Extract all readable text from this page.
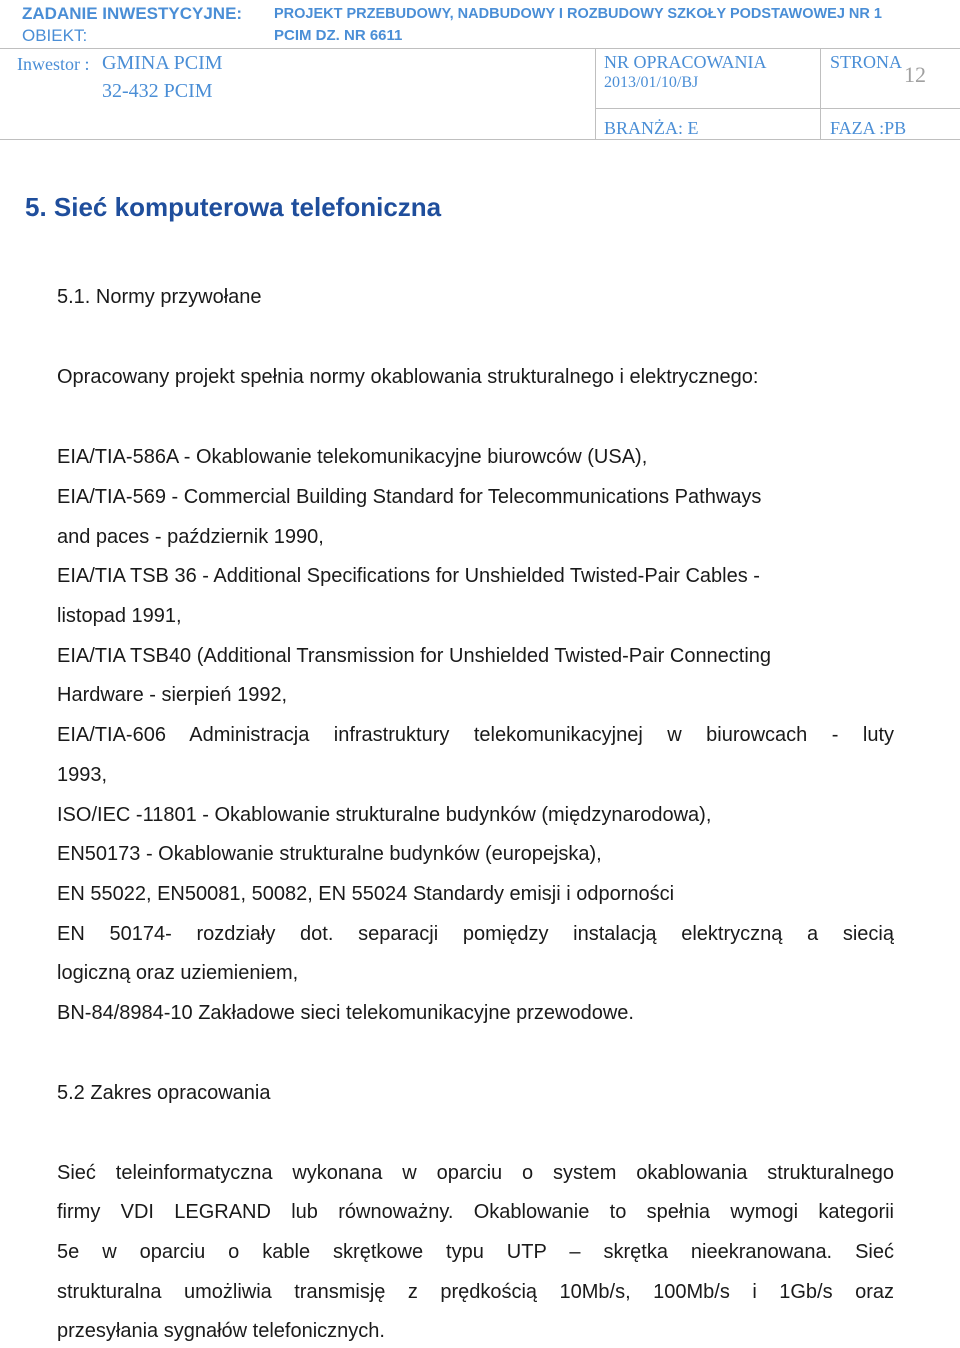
ZADANIE INWESTYCYJNE: PROJEKT PRZEBUDOWY, NADBUDOWY I ROZBUDOWY SZKOŁY PODSTAWOWEJ NR 1
OBIEKT:	PCIM DZ. NR 6611
Inwestor : GMINA PCIM
32-432 PCIM
NR OPRACOWANIA
2013/01/10/BJ
STRONA 12
BRANŻA: E	FAZA :PB
5. Sieć komputerowa telefoniczna
5.1. Normy przywołane
Opracowany projekt spełnia normy okablowania strukturalnego i elektrycznego:
EIA/TIA-586A - Okablowanie telekomunikacyjne biurowców (USA),
EIA/TIA-569 - Commercial Building Standard for Telecommunications Pathways
and paces - październik 1990,
EIA/TIA TSB 36 - Additional Specifications for Unshielded Twisted-Pair Cables -
listopad 1991,
EIA/TIA TSB40 (Additional Transmission for Unshielded Twisted-Pair Connecting
Hardware - sierpień 1992,
EIA/TIA-606 Administracja infrastruktury telekomunikacyjnej w biurowcach - luty
1993,
ISO/IEC -11801 - Okablowanie strukturalne budynków (międzynarodowa),
EN50173 - Okablowanie strukturalne budynków (europejska),
EN 55022, EN50081, 50082, EN 55024 Standardy emisji i odporności
EN 50174- rozdziały dot. separacji pomiędzy instalacją elektryczną a siecią
logiczną oraz uziemieniem,
BN-84/8984-10 Zakładowe sieci telekomunikacyjne przewodowe.
5.2 Zakres opracowania
Sieć teleinformatyczna wykonana w oparciu o system okablowania strukturalnego
firmy VDI LEGRAND lub równoważny. Okablowanie to spełnia wymogi kategorii
5e w oparciu o kable skrętkowe typu UTP – skrętka nieekranowana. Sieć
strukturalna umożliwia transmisję z prędkością 10Mb/s, 100Mb/s i 1Gb/s oraz
przesyłania sygnałów telefonicznych.
